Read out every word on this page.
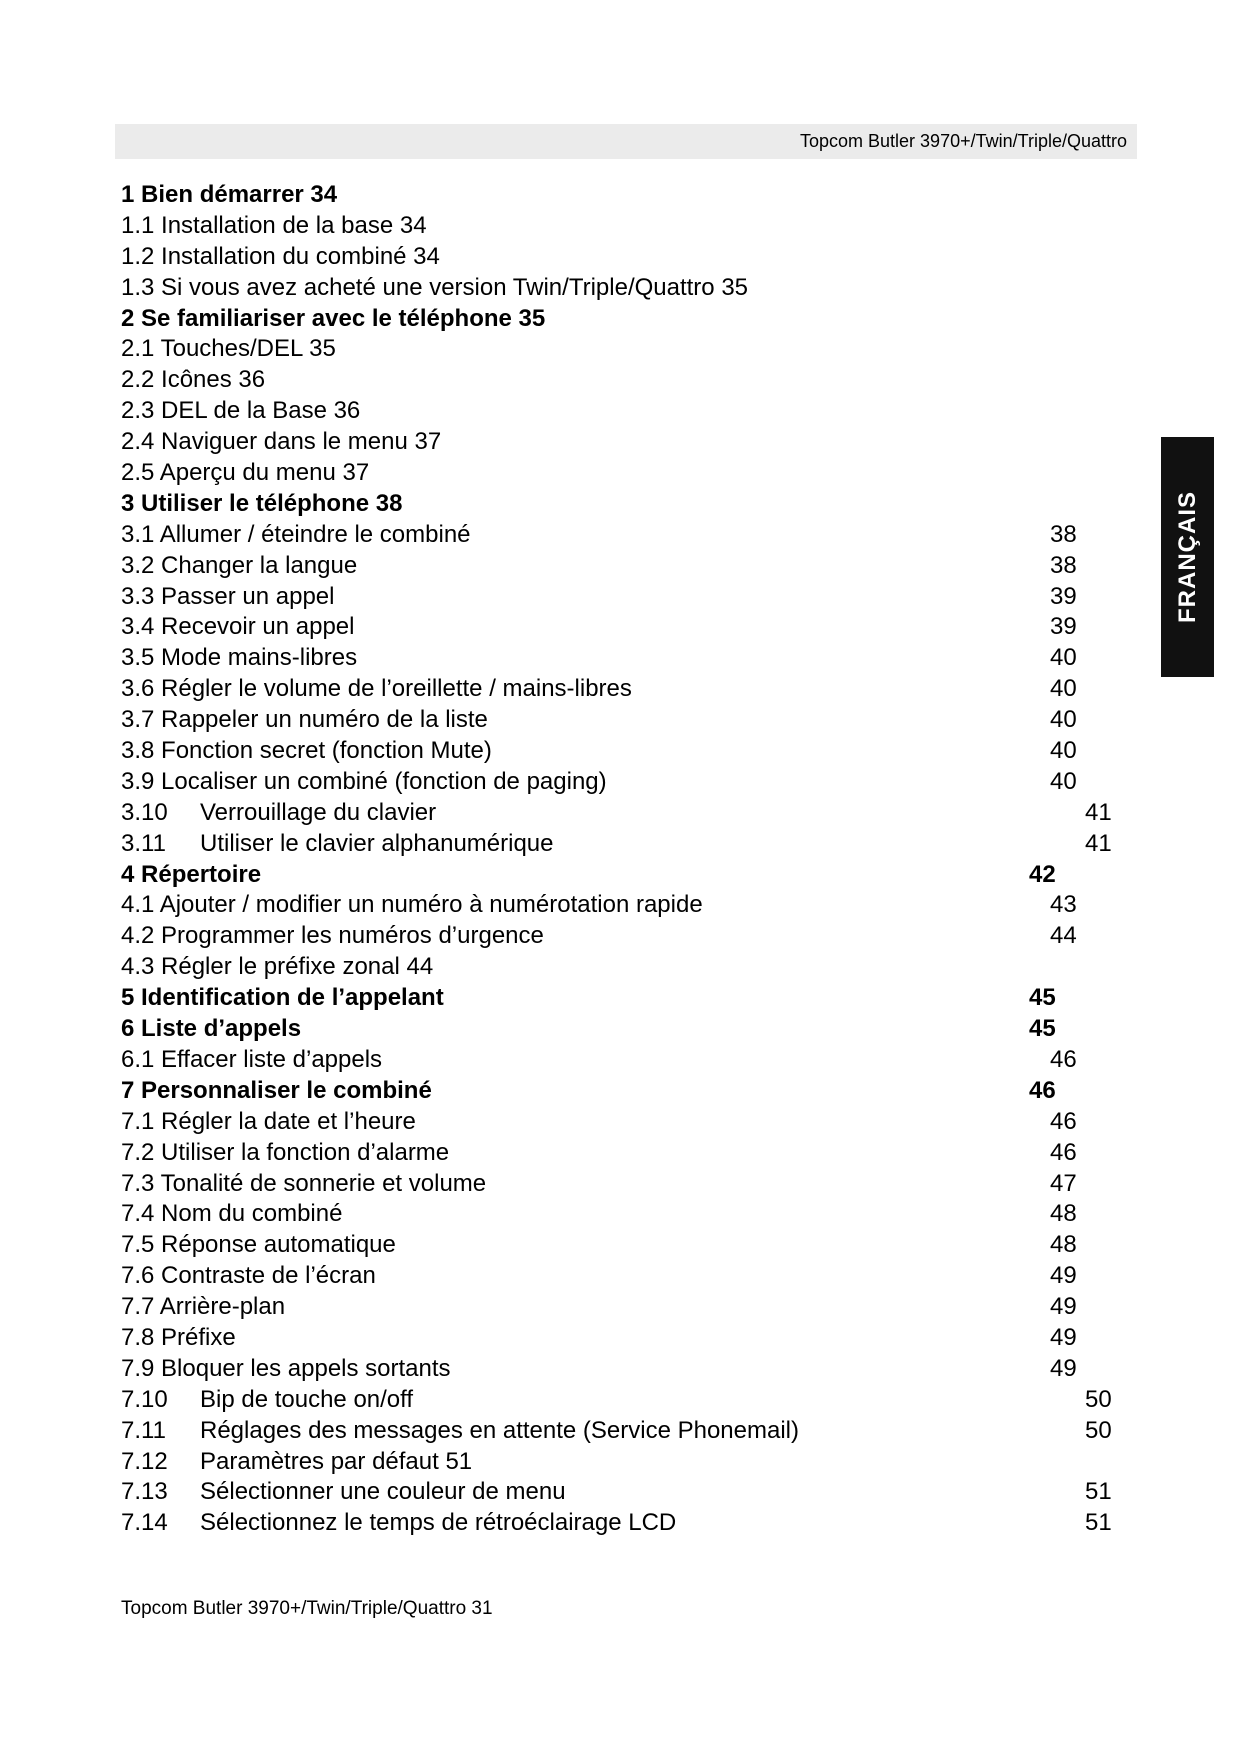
Topcom Butler 3970+/Twin/Triple/Quattro
FRANÇAIS
1 Bien démarrer 34
1.1 Installation de la base 34
1.2 Installation du combiné 34
1.3 Si vous avez acheté une version Twin/Triple/Quattro 35
2 Se familiariser avec le téléphone 35
2.1 Touches/DEL 35
2.2 Icônes 36
2.3 DEL de la Base 36
2.4 Naviguer dans le menu 37
2.5 Aperçu du menu 37
3 Utiliser le téléphone 38
3.1 Allumer / éteindre le combiné	38
3.2 Changer la langue	38
3.3 Passer un appel	39
3.4 Recevoir un appel	39
3.5 Mode mains-libres	40
3.6 Régler le volume de l’oreillette / mains-libres	40
3.7 Rappeler un numéro de la liste	40
3.8 Fonction secret (fonction Mute)	40
3.9 Localiser un combiné (fonction de paging)	40
3.10 Verrouillage du clavier	41
3.11 Utiliser le clavier alphanumérique	41
4 Répertoire	42
4.1 Ajouter / modifier un numéro à numérotation rapide	43
4.2 Programmer les numéros d’urgence	44
4.3 Régler le préfixe zonal 44
5 Identification de l’appelant	45
6 Liste d’appels	45
6.1 Effacer liste d’appels	46
7 Personnaliser le combiné	46
7.1 Régler la date et l’heure	46
7.2 Utiliser la fonction d’alarme	46
7.3 Tonalité de sonnerie et volume	47
7.4 Nom du combiné	48
7.5 Réponse automatique	48
7.6 Contraste de l’écran	49
7.7 Arrière-plan	49
7.8 Préfixe	49
7.9 Bloquer les appels sortants	49
7.10 Bip de touche on/off	50
7.11 Réglages des messages en attente (Service Phonemail)	50
7.12 Paramètres par défaut 51
7.13 Sélectionner une couleur de menu	51
7.14 Sélectionnez le temps de rétroéclairage LCD	51
Topcom Butler 3970+/Twin/Triple/Quattro 31
